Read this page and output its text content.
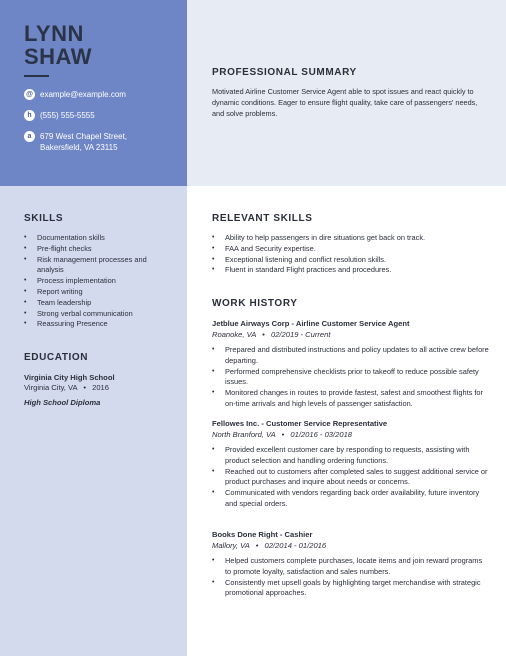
LYNN
SHAW
@ example@example.com
h	(555) 555-5555
a	679 West Chapel Street,
Bakersfield, VA 23115
PROFESSIONAL SUMMARY
Motivated Airline Customer Service Agent able to spot issues and react quickly to dynamic conditions. Eager to ensure flight quality, take care of passengers' needs, and solve problems.
SKILLS
• Documentation skills
• Pre-flight checks
• Risk management processes and analysis
• Process implementation
• Report writing
• Team leadership
• Strong verbal communication
• Reassuring Presence
EDUCATION
Virginia City High School
Virginia City, VA • 2016
High School Diploma
RELEVANT SKILLS
• Ability to help passengers in dire situations get back on track.
• FAA and Security expertise.
• Exceptional listening and conflict resolution skills.
• Fluent in standard Flight practices and procedures.
WORK HISTORY
Jetblue Airways Corp - Airline Customer Service Agent
Roanoke, VA • 02/2019 - Current
• Prepared and distributed instructions and policy updates to all active crew before departing.
• Performed comprehensive checklists prior to takeoff to reduce possible safety issues.
• Monitored changes in routes to provide fastest, safest and smoothest flights for on-time arrivals and high levels of passenger satisfaction.
Fellowes Inc. - Customer Service Representative
North Branford, VA • 01/2016 - 03/2018
• Provided excellent customer care by responding to requests, assisting with product selection and handling ordering functions.
• Reached out to customers after completed sales to suggest additional service or product purchases and inquire about needs or concerns.
• Communicated with vendors regarding back order availability, future inventory and special orders.
Books Done Right - Cashier
Mallory, VA • 02/2014 - 01/2016
• Helped customers complete purchases, locate items and join reward programs to promote loyalty, satisfaction and sales numbers.
• Consistently met upsell goals by highlighting target merchandise with strategic promotional approaches.
